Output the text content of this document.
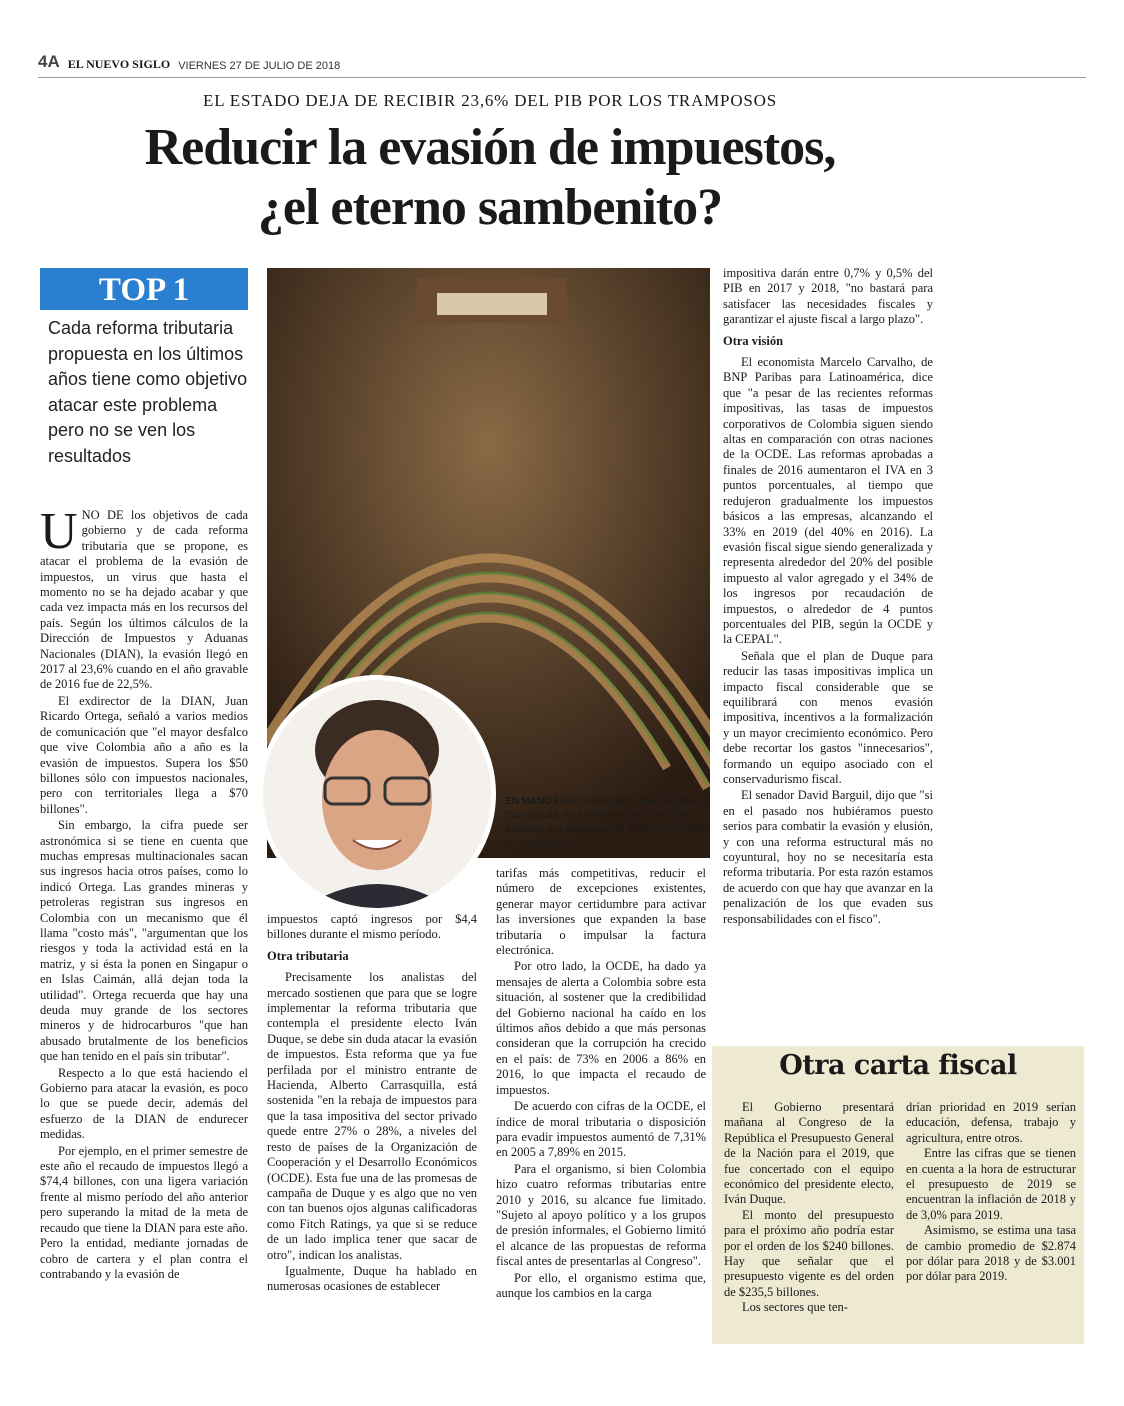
4A EL NUEVO SIGLO VIERNES 27 DE JULIO DE 2018
EL ESTADO DEJA DE RECIBIR 23,6% DEL PIB POR LOS TRAMPOSOS
Reducir la evasión de impuestos,
¿el eterno sambenito?
TOP 1
Cada reforma tributaria propuesta en los últimos años tiene como objetivo atacar este problema pero no se ven los resultados

UNO DE los objetivos de cada gobierno y de cada reforma tributaria que se propone, es atacar el problema de la evasión de impuestos, un virus que hasta el momento no se ha dejado acabar y que cada vez impacta más en los recursos del país. Según los últimos cálculos de la Dirección de Impuestos y Aduanas Nacionales (DIAN), la evasión llegó en 2017 al 23,6% cuando en el año gravable de 2016 fue de 22,5%.

El exdirector de la DIAN, Juan Ricardo Ortega, señaló a varios medios de comunicación que "el mayor desfalco que vive Colombia año a año es la evasión de impuestos. Supera los $50 billones sólo con impuestos nacionales, pero con territoriales llega a $70 billones".

Sin embargo, la cifra puede ser astronómica si se tiene en cuenta que muchas empresas multinacionales sacan sus ingresos hacia otros países, como lo indicó Ortega. Las grandes mineras y petroleras registran sus ingresos en Colombia con un mecanismo que él llama "costo más", "argumentan que los riesgos y toda la actividad está en la matriz, y si ésta la ponen en Singapur o en Islas Caimán, allá dejan toda la utilidad". Ortega recuerda que hay una deuda muy grande de los sectores mineros y de hidrocarburos "que han abusado brutalmente de los beneficios que han tenido en el país sin tributar".

Respecto a lo que está haciendo el Gobierno para atacar la evasión, es poco lo que se puede decir, además del esfuerzo de la DIAN de endurecer medidas.

Por ejemplo, en el primer semestre de este año el recaudo de impuestos llegó a $74,4 billones, con una ligera variación frente al mismo período del año anterior pero superando la mitad de la meta de recaudo que tiene la DIAN para este año. Pero la entidad, mediante jornadas de cobro de cartera y el plan contra el contrabando y la evasión de

EN MANOS del ministro de Hacienda, Alberto Carrasquilla, está el diseño de la reforma tributaria que presentará el gobierno entrante al Congreso./CNS

impuestos captó ingresos por $4,4 billones durante el mismo período.

Otra tributaria

Precisamente los analistas del mercado sostienen que para que se logre implementar la reforma tributaria que contempla el presidente electo Iván Duque, se debe sin duda atacar la evasión de impuestos. Esta reforma que ya fue perfilada por el ministro entrante de Hacienda, Alberto Carrasquilla, está sostenida "en la rebaja de impuestos para que la tasa impositiva del sector privado quede entre 27% o 28%, a niveles del resto de países de la Organización de Cooperación y el Desarrollo Económicos (OCDE). Esta fue una de las promesas de campaña de Duque y es algo que no ven con tan buenos ojos algunas calificadoras como Fitch Ratings, ya que si se reduce de un lado implica tener que sacar de otro", indican los analistas.

Igualmente, Duque ha hablado en numerosas ocasiones de establecer

tarifas más competitivas, reducir el número de excepciones existentes, generar mayor certidumbre para activar las inversiones que expanden la base tributaria o impulsar la factura electrónica.

Por otro lado, la OCDE, ha dado ya mensajes de alerta a Colombia sobre esta situación, al sostener que la credibilidad del Gobierno nacional ha caído en los últimos años debido a que más personas consideran que la corrupción ha crecido en el país: de 73% en 2006 a 86% en 2016, lo que impacta el recaudo de impuestos.

De acuerdo con cifras de la OCDE, el índice de moral tributaria o disposición para evadir impuestos aumentó de 7,31% en 2005 a 7,89% en 2015.

Para el organismo, si bien Colombia hizo cuatro reformas tributarias entre 2010 y 2016, su alcance fue limitado. "Sujeto al apoyo político y a los grupos de presión informales, el Gobierno limitó el alcance de las propuestas de reforma fiscal antes de presentarlas al Congreso".

Por ello, el organismo estima que, aunque los cambios en la carga

impositiva darán entre 0,7% y 0,5% del PIB en 2017 y 2018, "no bastará para satisfacer las necesidades fiscales y garantizar el ajuste fiscal a largo plazo".

Otra visión

El economista Marcelo Carvalho, de BNP Paribas para Latinoamérica, dice que "a pesar de las recientes reformas impositivas, las tasas de impuestos corporativos de Colombia siguen siendo altas en comparación con otras naciones de la OCDE. Las reformas aprobadas a finales de 2016 aumentaron el IVA en 3 puntos porcentuales, al tiempo que redujeron gradualmente los impuestos básicos a las empresas, alcanzando el 33% en 2019 (del 40% en 2016). La evasión fiscal sigue siendo generalizada y representa alrededor del 20% del posible impuesto al valor agregado y el 34% de los ingresos por recaudación de impuestos, o alrededor de 4 puntos porcentuales del PIB, según la OCDE y la CEPAL".

Señala que el plan de Duque para reducir las tasas impositivas implica un impacto fiscal considerable que se equilibrará con menos evasión impositiva, incentivos a la formalización y un mayor crecimiento económico. Pero debe recortar los gastos "innecesarios", formando un equipo asociado con el conservadurismo fiscal.

El senador David Barguil, dijo que "si en el pasado nos hubiéramos puesto serios para combatir la evasión y elusión, y con una reforma estructural más no coyuntural, hoy no se necesitaría esta reforma tributaria. Por esta razón estamos de acuerdo con que hay que avanzar en la penalización de los que evaden sus responsabilidades con el fisco".

Otra carta fiscal

El Gobierno presentará mañana al Congreso de la República el Presupuesto General de la Nación para el 2019, que fue concertado con el equipo económico del presidente electo, Iván Duque.

El monto del presupuesto para el próximo año podría estar por el orden de los $240 billones. Hay que señalar que el presupuesto vigente es del orden de $235,5 billones.

Los sectores que ten-

drían prioridad en 2019 serían educación, defensa, trabajo y agricultura, entre otros.

Entre las cifras que se tienen en cuenta a la hora de estructurar el presupuesto de 2019 se encuentran la inflación de 2018 y de 3,0% para 2019.

Asimismo, se estima una tasa de cambio promedio de $2.874 por dólar para 2018 y de $3.001 por dólar para 2019.
